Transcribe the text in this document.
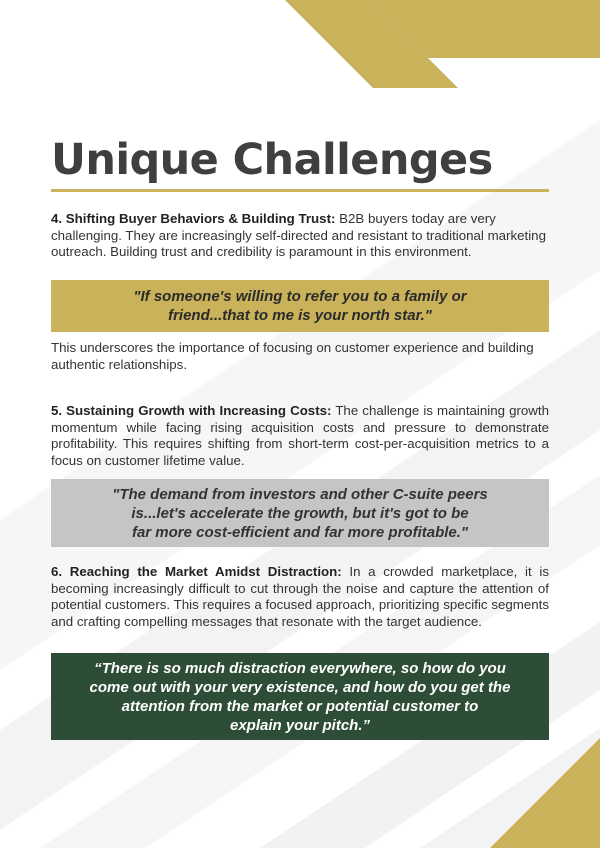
Unique Challenges

4. Shifting Buyer Behaviors & Building Trust: B2B buyers today are very challenging. They are increasingly self-directed and resistant to traditional marketing outreach. Building trust and credibility is paramount in this environment.

"If someone's willing to refer you to a family or
friend...that to me is your north star."

This underscores the importance of focusing on customer experience and building authentic relationships.

5. Sustaining Growth with Increasing Costs: The challenge is maintaining growth momentum while facing rising acquisition costs and pressure to demonstrate profitability. This requires shifting from short-term cost-per-acquisition metrics to a focus on customer lifetime value.

"The demand from investors and other C-suite peers
is...let's accelerate the growth, but it's got to be
far more cost-efficient and far more profitable."

6. Reaching the Market Amidst Distraction: In a crowded marketplace, it is becoming increasingly difficult to cut through the noise and capture the attention of potential customers. This requires a focused approach, prioritizing specific segments and crafting compelling messages that resonate with the target audience.

“There is so much distraction everywhere, so how do you
come out with your very existence, and how do you get the
attention from the market or potential customer to
explain your pitch.”
